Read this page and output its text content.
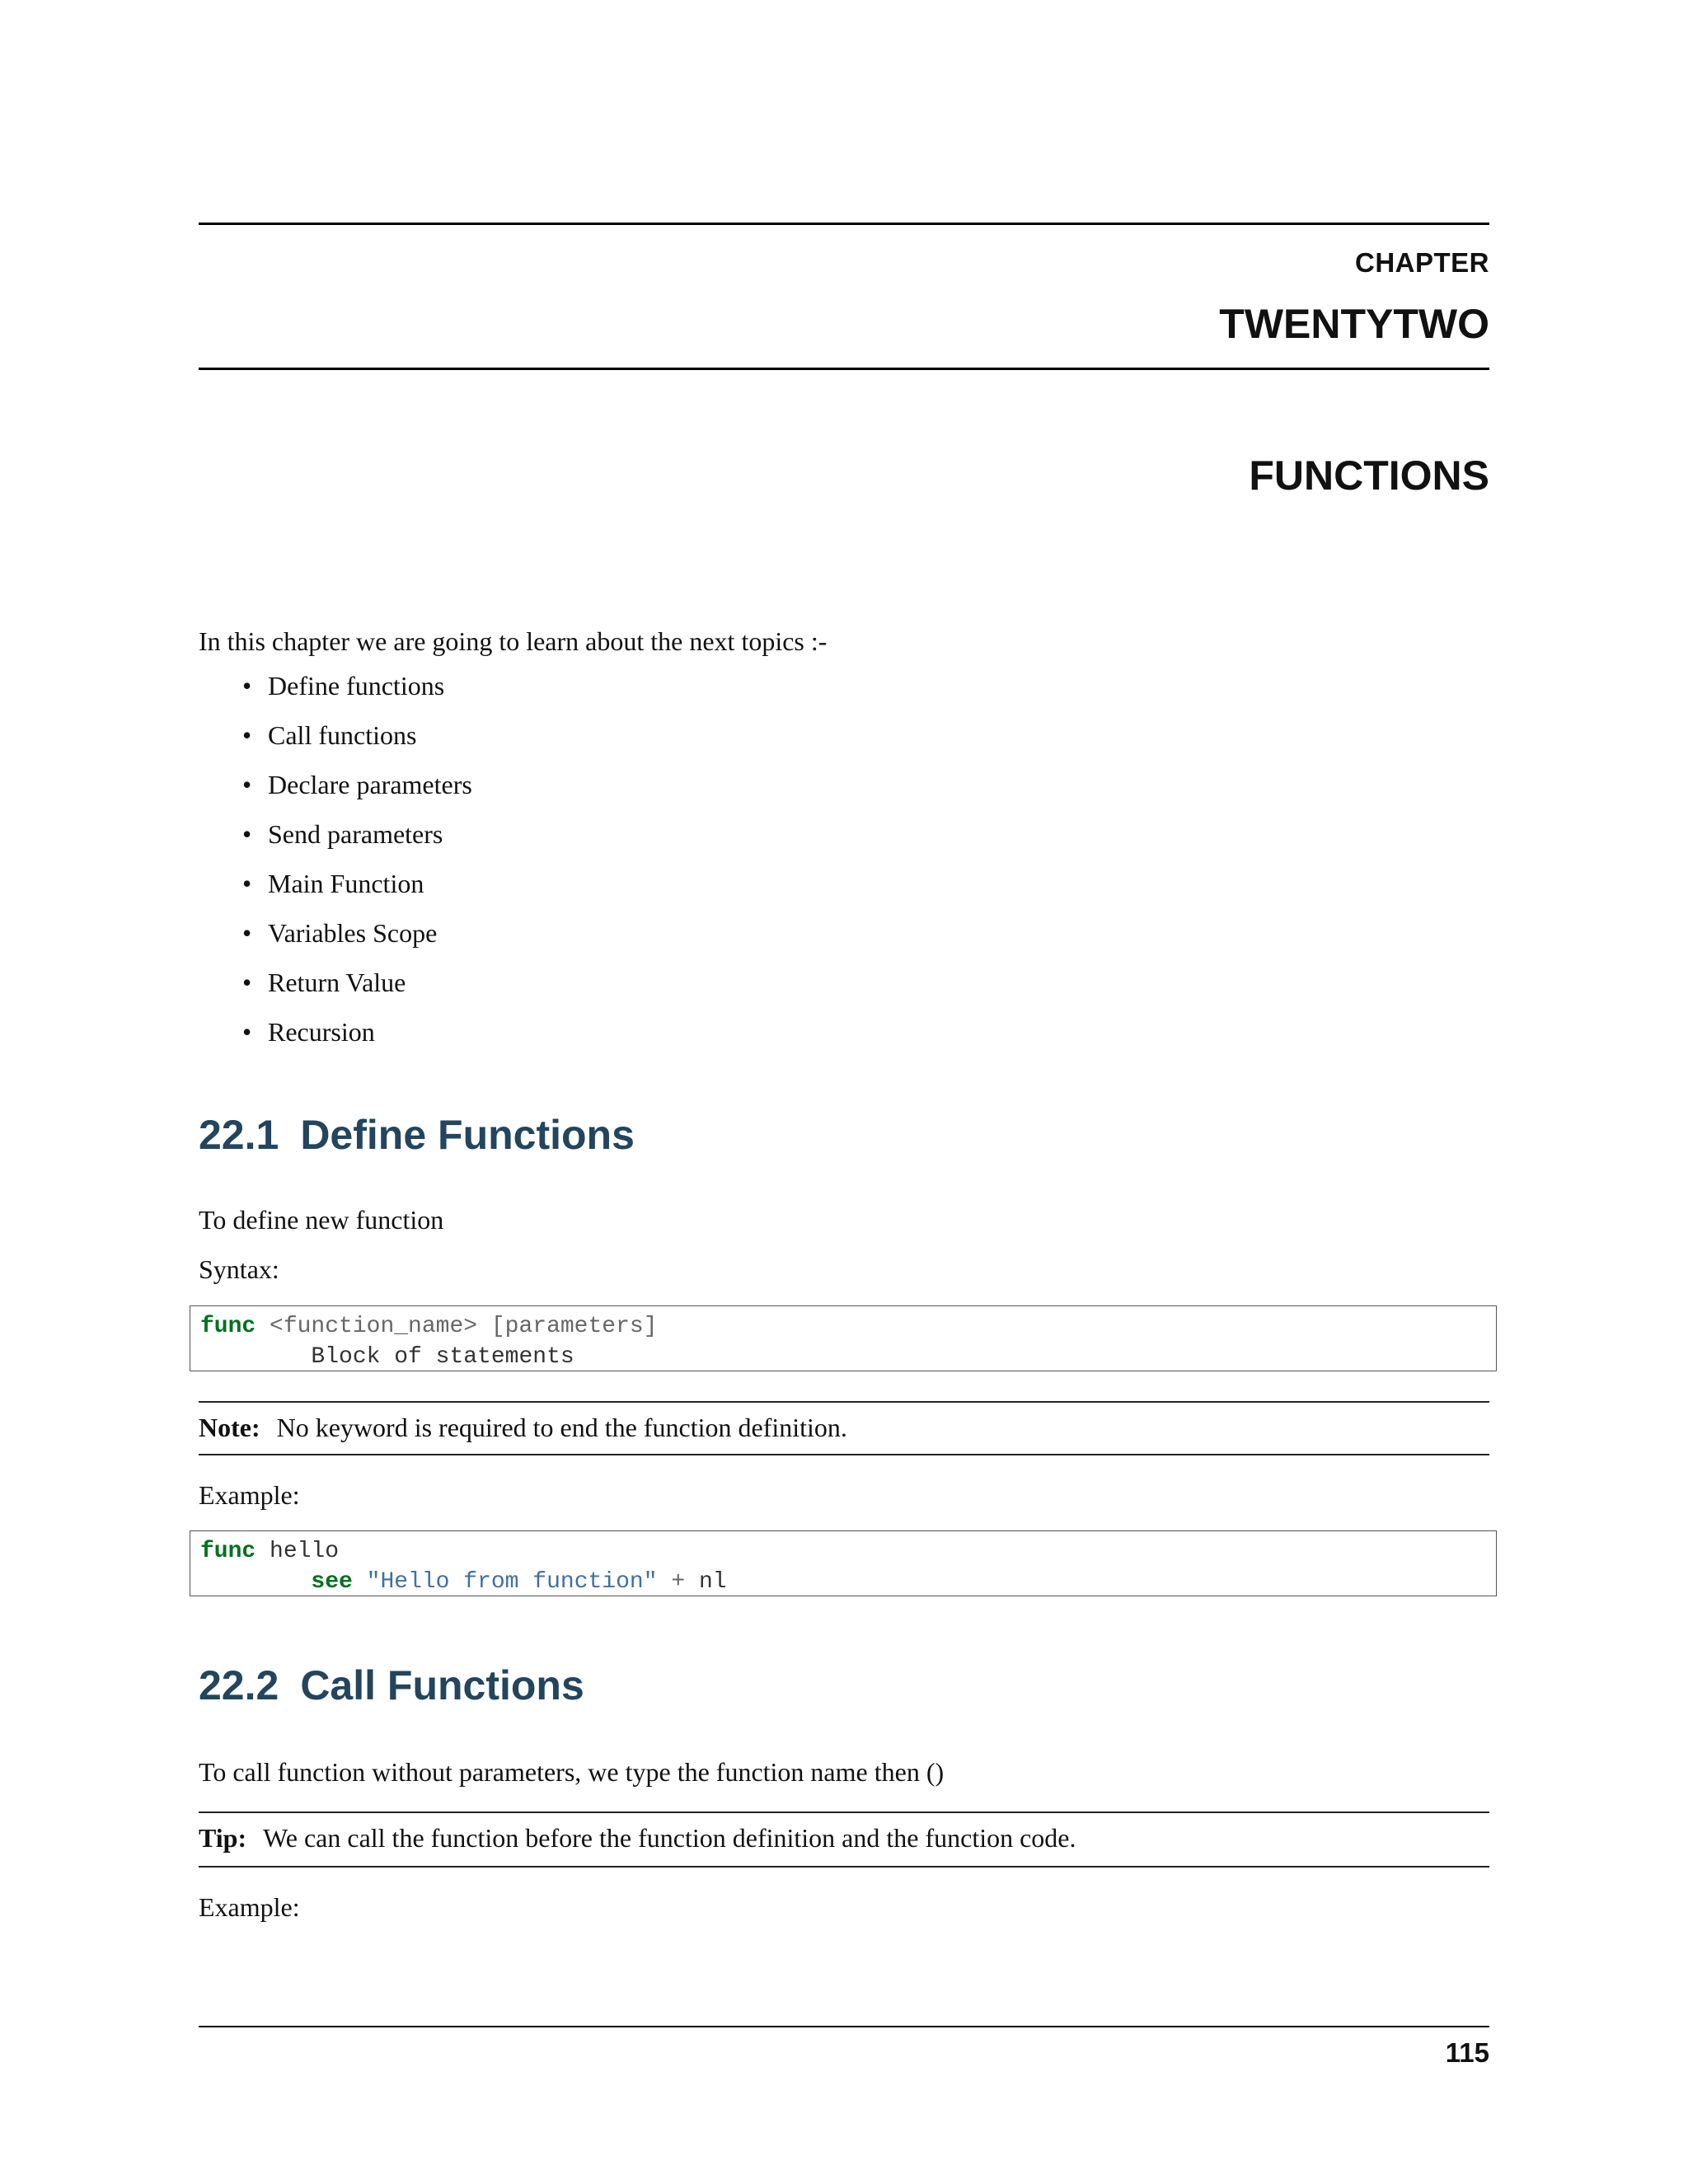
CHAPTER
TWENTYTWO
FUNCTIONS
In this chapter we are going to learn about the next topics :-
• Define functions
• Call functions
• Declare parameters
• Send parameters
• Main Function
• Variables Scope
• Return Value
• Recursion
22.1 Define Functions
To define new function
Syntax:
func <function_name> [parameters]
Block of statements
Note: No keyword is required to end the function definition.
Example:
func hello
see "Hello from function" + nl
22.2 Call Functions
To call function without parameters, we type the function name then ()
Tip: We can call the function before the function definition and the function code.
Example:
115
